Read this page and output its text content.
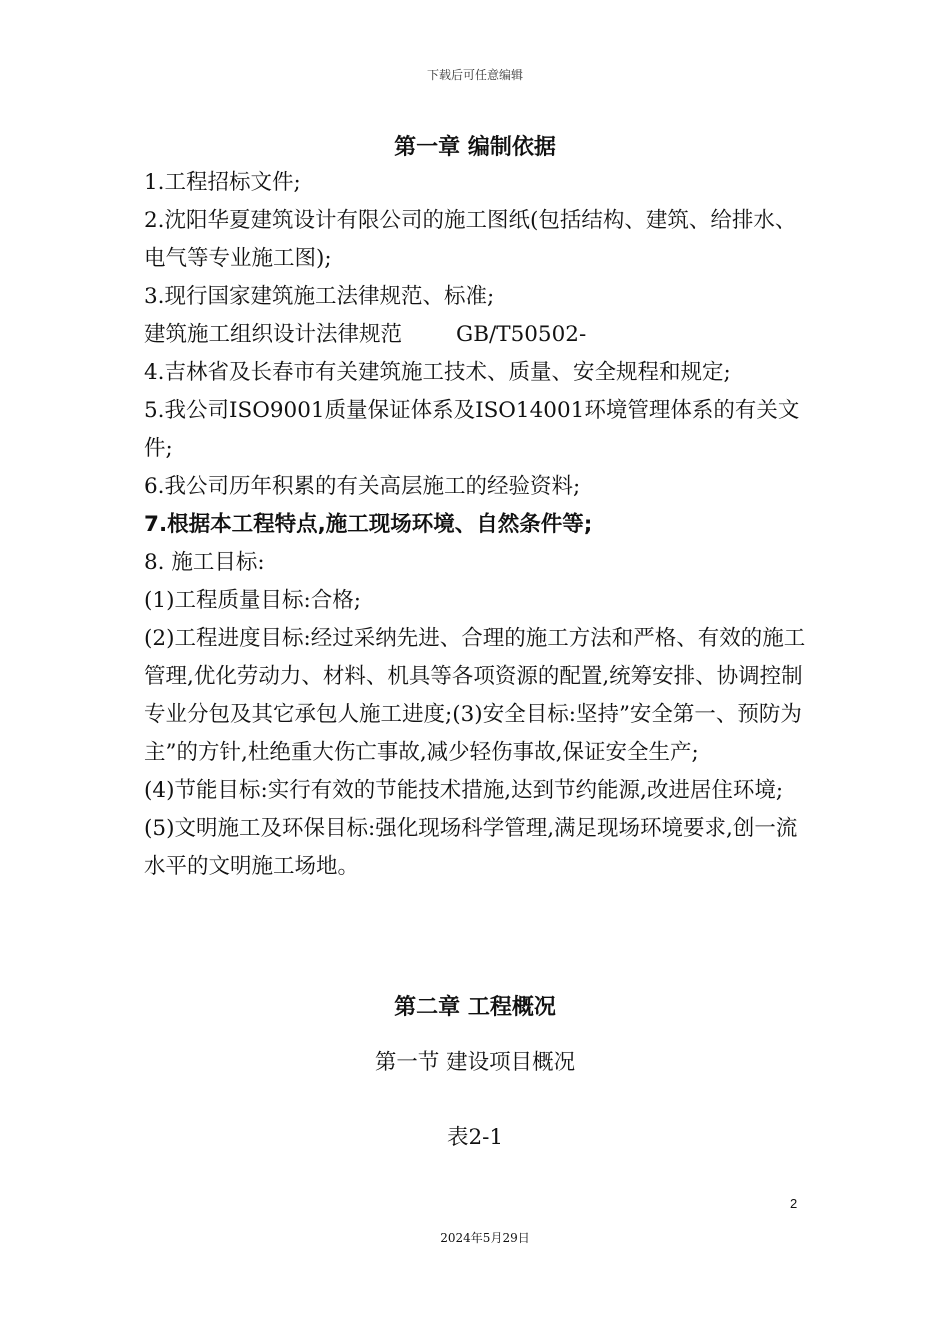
下载后可任意编辑
第一章 编制依据

1.工程招标文件;

2.沈阳华夏建筑设计有限公司的施工图纸(包括结构、建筑、给排水、电气等专业施工图);

3.现行国家建筑施工法律规范、标准;

建筑施工组织设计法律规范	GB/T50502-

4.吉林省及长春市有关建筑施工技术、质量、安全规程和规定;

5.我公司ISO9001质量保证体系及ISO14001环境管理体系的有关文件;

6.我公司历年积累的有关高层施工的经验资料;

7.根据本工程特点,施工现场环境、自然条件等;

8. 施工目标:

(1)工程质量目标:合格;

(2)工程进度目标:经过采纳先进、合理的施工方法和严格、有效的施工管理,优化劳动力、材料、机具等各项资源的配置,统筹安排、协调控制专业分包及其它承包人施工进度;(3)安全目标:坚持”安全第一、预防为主”的方针,杜绝重大伤亡事故,减少轻伤事故,保证安全生产;

(4)节能目标:实行有效的节能技术措施,达到节约能源,改进居住环境;

(5)文明施工及环保目标:强化现场科学管理,满足现场环境要求,创一流水平的文明施工场地。

第二章 工程概况
第一节 建设项目概况
表2-1
2
2024年5月29日
